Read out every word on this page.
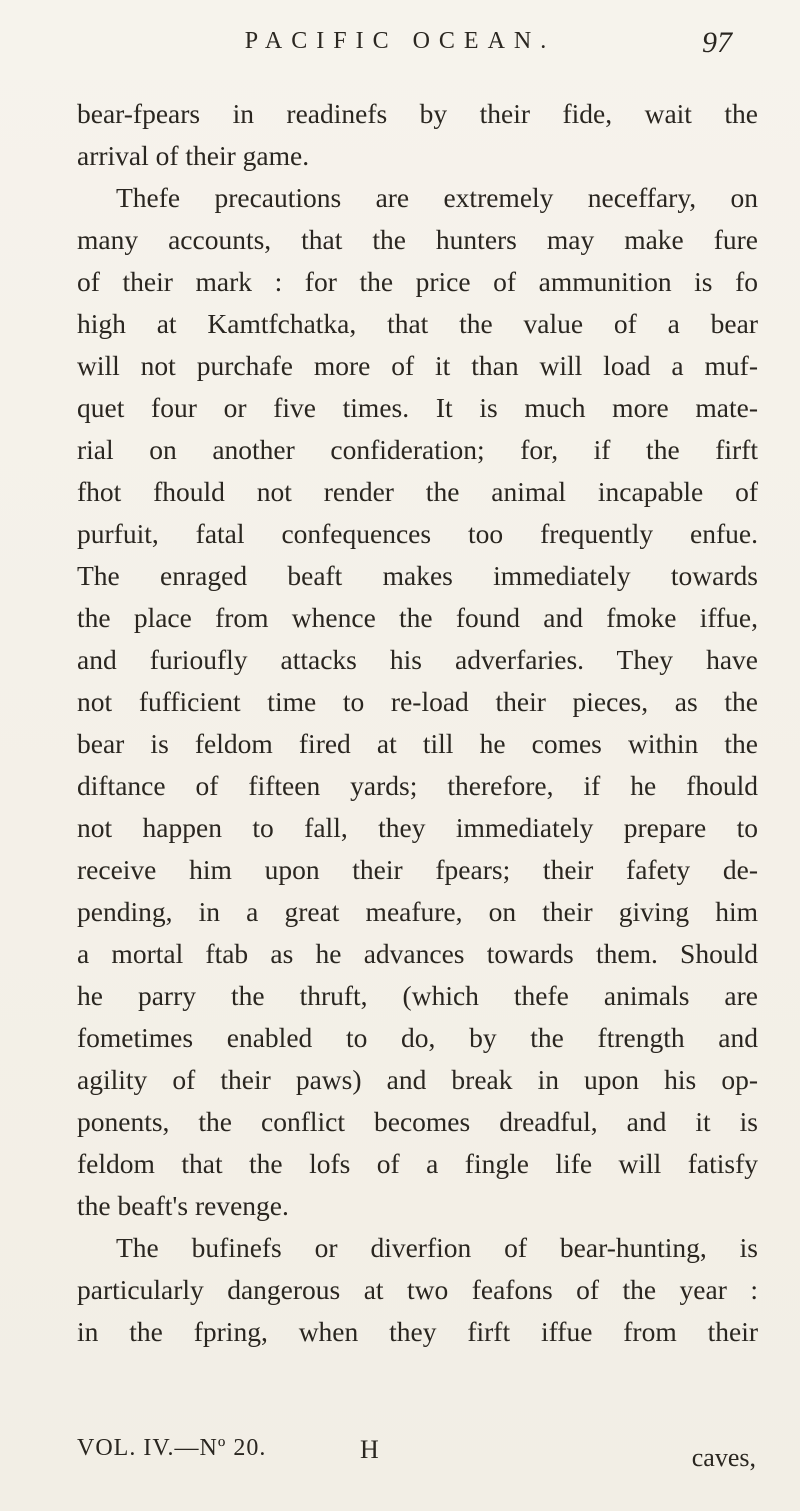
PACIFIC OCEAN.	97
bear-fpears in readinefs by their fide, wait the
arrival of their game.
Thefe precautions are extremely neceffary, on
many accounts, that the hunters may make fure
of their mark : for the price of ammunition is fo
high at Kamtfchatka, that the value of a bear
will not purchafe more of it than will load a muf-
quet four or five times. It is much more mate-
rial on another confideration; for, if the firft
fhot fhould not render the animal incapable of
purfuit, fatal confequences too frequently enfue.
The enraged beaft makes immediately towards
the place from whence the found and fmoke iffue,
and furioufly attacks his adverfaries. They have
not fufficient time to re-load their pieces, as the
bear is feldom fired at till he comes within the
diftance of fifteen yards; therefore, if he fhould
not happen to fall, they immediately prepare to
receive him upon their fpears; their fafety de-
pending, in a great meafure, on their giving him
a mortal ftab as he advances towards them. Should
he parry the thruft, (which thefe animals are
fometimes enabled to do, by the ftrength and
agility of their paws) and break in upon his op-
ponents, the conflict becomes dreadful, and it is
feldom that the lofs of a fingle life will fatisfy
the beaft's revenge.
The bufinefs or diverfion of bear-hunting, is
particularly dangerous at two feafons of the year :
in the fpring, when they firft iffue from their
VOL. IV.—Nº 20.	H	caves,
